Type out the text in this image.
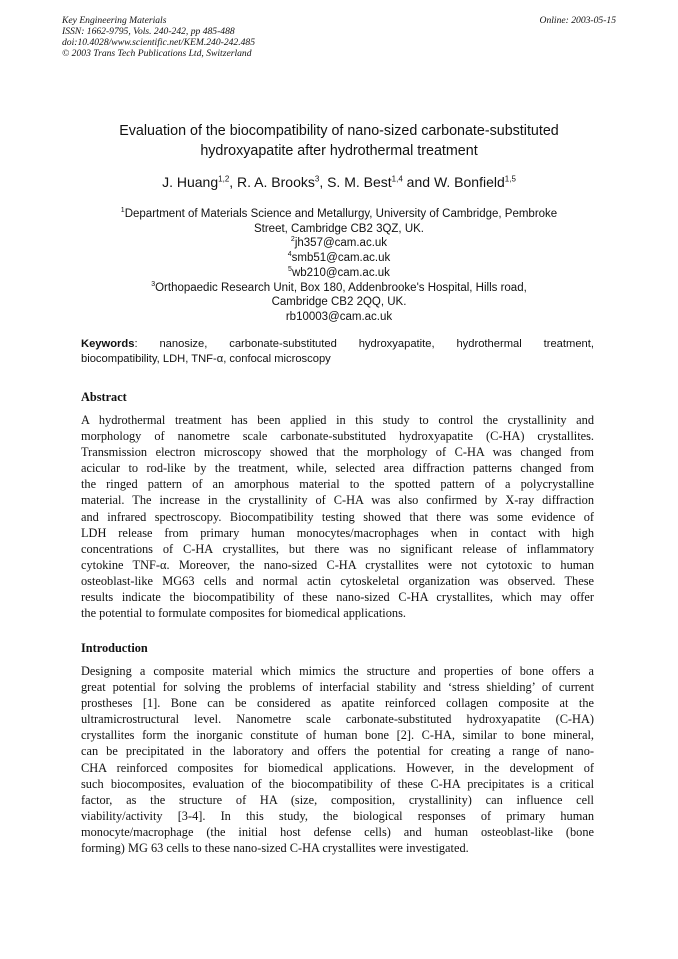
Key Engineering Materials
ISSN: 1662-9795, Vols. 240-242, pp 485-488
doi:10.4028/www.scientific.net/KEM.240-242.485
© 2003 Trans Tech Publications Ltd, Switzerland
Online: 2003-05-15
Evaluation of the biocompatibility of nano-sized carbonate-substituted
hydroxyapatite after hydrothermal treatment
J. Huang$^{1,2}$, R. A. Brooks$^3$, S. M. Best$^{1,4}$ and W. Bonfield$^{1,5}$
$^1$Department of Materials Science and Metallurgy, University of Cambridge, Pembroke
Street, Cambridge CB2 3QZ, UK.
$^2$jh357@cam.ac.uk
$^4$smb51@cam.ac.uk
$^5$wb210@cam.ac.uk
$^3$Orthopaedic Research Unit, Box 180, Addenbrooke's Hospital, Hills road,
Cambridge CB2 2QQ, UK.
rb10003@cam.ac.uk
Keywords: nanosize, carbonate-substituted hydroxyapatite, hydrothermal treatment,
biocompatibility, LDH, TNF-α, confocal microscopy
Abstract
A hydrothermal treatment has been applied in this study to control the crystallinity and
morphology of nanometre scale carbonate-substituted hydroxyapatite (C-HA) crystallites.
Transmission electron microscopy showed that the morphology of C-HA was changed from
acicular to rod-like by the treatment, while, selected area diffraction patterns changed from
the ringed pattern of an amorphous material to the spotted pattern of a polycrystalline
material. The increase in the crystallinity of C-HA was also confirmed by X-ray diffraction
and infrared spectroscopy. Biocompatibility testing showed that there was some evidence of
LDH release from primary human monocytes/macrophages when in contact with high
concentrations of C-HA crystallites, but there was no significant release of inflammatory
cytokine TNF-α. Moreover, the nano-sized C-HA crystallites were not cytotoxic to human
osteoblast-like MG63 cells and normal actin cytoskeletal organization was observed. These
results indicate the biocompatibility of these nano-sized C-HA crystallites, which may offer
the potential to formulate composites for biomedical applications.
Introduction
Designing a composite material which mimics the structure and properties of bone offers a
great potential for solving the problems of interfacial stability and ‘stress shielding’ of current
prostheses [1]. Bone can be considered as apatite reinforced collagen composite at the
ultramicrostructural level. Nanometre scale carbonate-substituted hydroxyapatite (C-HA)
crystallites form the inorganic constitute of human bone [2]. C-HA, similar to bone mineral,
can be precipitated in the laboratory and offers the potential for creating a range of nano-
CHA reinforced composites for biomedical applications. However, in the development of
such biocomposites, evaluation of the biocompatibility of these C-HA precipitates is a critical
factor, as the structure of HA (size, composition, crystallinity) can influence cell
viability/activity [3-4]. In this study, the biological responses of primary human
monocyte/macrophage (the initial host defense cells) and human osteoblast-like (bone
forming) MG 63 cells to these nano-sized C-HA crystallites were investigated.
